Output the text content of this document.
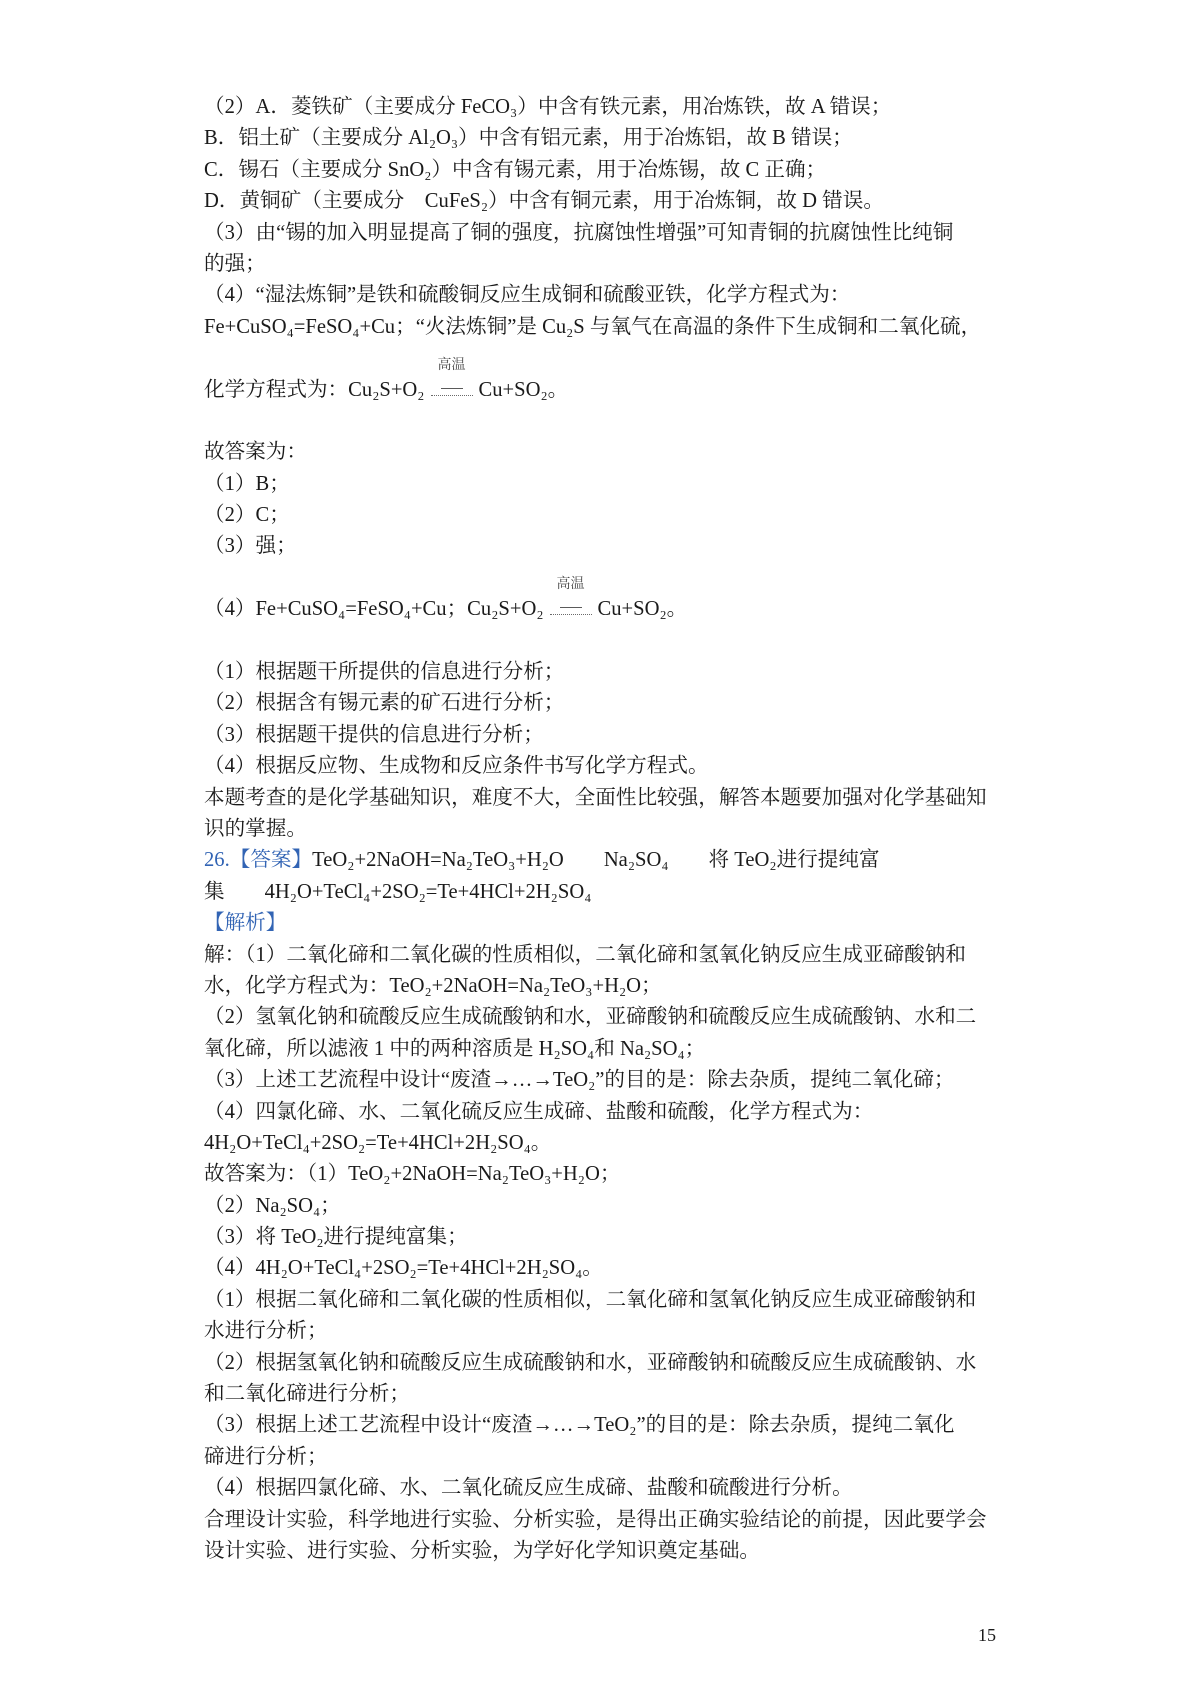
（2）A．菱铁矿（主要成分 FeCO₃）中含有铁元素，用冶炼铁，故 A 错误；
B．铝土矿（主要成分 Al₂O₃）中含有铝元素，用于冶炼铝，故 B 错误；
C．锡石（主要成分 SnO₂）中含有锡元素，用于冶炼锡，故 C 正确；
D．黄铜矿（主要成分　CuFeS₂）中含有铜元素，用于冶炼铜，故 D 错误。
（3）由“锡的加入明显提高了铜的强度，抗腐蚀性增强”可知青铜的抗腐蚀性比纯铜
的强；
（4）“湿法炼铜”是铁和硫酸铜反应生成铜和硫酸亚铁，化学方程式为：
Fe+CuSO₄=FeSO₄+Cu；“火法炼铜”是 Cu₂S 与氧气在高温的条件下生成铜和二氧化硫，
化学方程式为：Cu₂S+O₂

高温

Cu+SO₂。
故答案为：
（1）B；
（2）C；
（3）强；
（4）Fe+CuSO₄=FeSO₄+Cu；Cu₂S+O₂

高温

Cu+SO₂。
（1）根据题干所提供的信息进行分析；
（2）根据含有锡元素的矿石进行分析；
（3）根据题干提供的信息进行分析；
（4）根据反应物、生成物和反应条件书写化学方程式。
本题考查的是化学基础知识，难度不大，全面性比较强，解答本题要加强对化学基础知
识的掌握。
26.【答案】 TeO₂+2NaOH=Na₂TeO₃+H₂O Na₂SO₄ 将 TeO₂进行提纯富
集 4H₂O+TeCl₄+2SO₂=Te+4HCl+2H₂SO₄
【解析】
解：（1）二氧化碲和二氧化碳的性质相似，二氧化碲和氢氧化钠反应生成亚碲酸钠和
水，化学方程式为：TeO₂+2NaOH=Na₂TeO₃+H₂O；
（2）氢氧化钠和硫酸反应生成硫酸钠和水，亚碲酸钠和硫酸反应生成硫酸钠、水和二
氧化碲，所以滤液 1 中的两种溶质是 H₂SO₄和 Na₂SO₄；
（3）上述工艺流程中设计“废渣→…→TeO₂”的目的是：除去杂质，提纯二氧化碲；
（4）四氯化碲、水、二氧化硫反应生成碲、盐酸和硫酸，化学方程式为：
4H₂O+TeCl₄+2SO₂=Te+4HCl+2H₂SO₄。
故答案为：（1）TeO₂+2NaOH=Na₂TeO₃+H₂O；
（2）Na₂SO₄；
（3）将 TeO₂进行提纯富集；
（4）4H₂O+TeCl₄+2SO₂=Te+4HCl+2H₂SO₄。
（1）根据二氧化碲和二氧化碳的性质相似，二氧化碲和氢氧化钠反应生成亚碲酸钠和
水进行分析；
（2）根据氢氧化钠和硫酸反应生成硫酸钠和水，亚碲酸钠和硫酸反应生成硫酸钠、水
和二氧化碲进行分析；
（3）根据上述工艺流程中设计“废渣→…→TeO₂”的目的是：除去杂质，提纯二氧化
碲进行分析；
（4）根据四氯化碲、水、二氧化硫反应生成碲、盐酸和硫酸进行分析。
合理设计实验，科学地进行实验、分析实验，是得出正确实验结论的前提，因此要学会
设计实验、进行实验、分析实验，为学好化学知识奠定基础。
15
